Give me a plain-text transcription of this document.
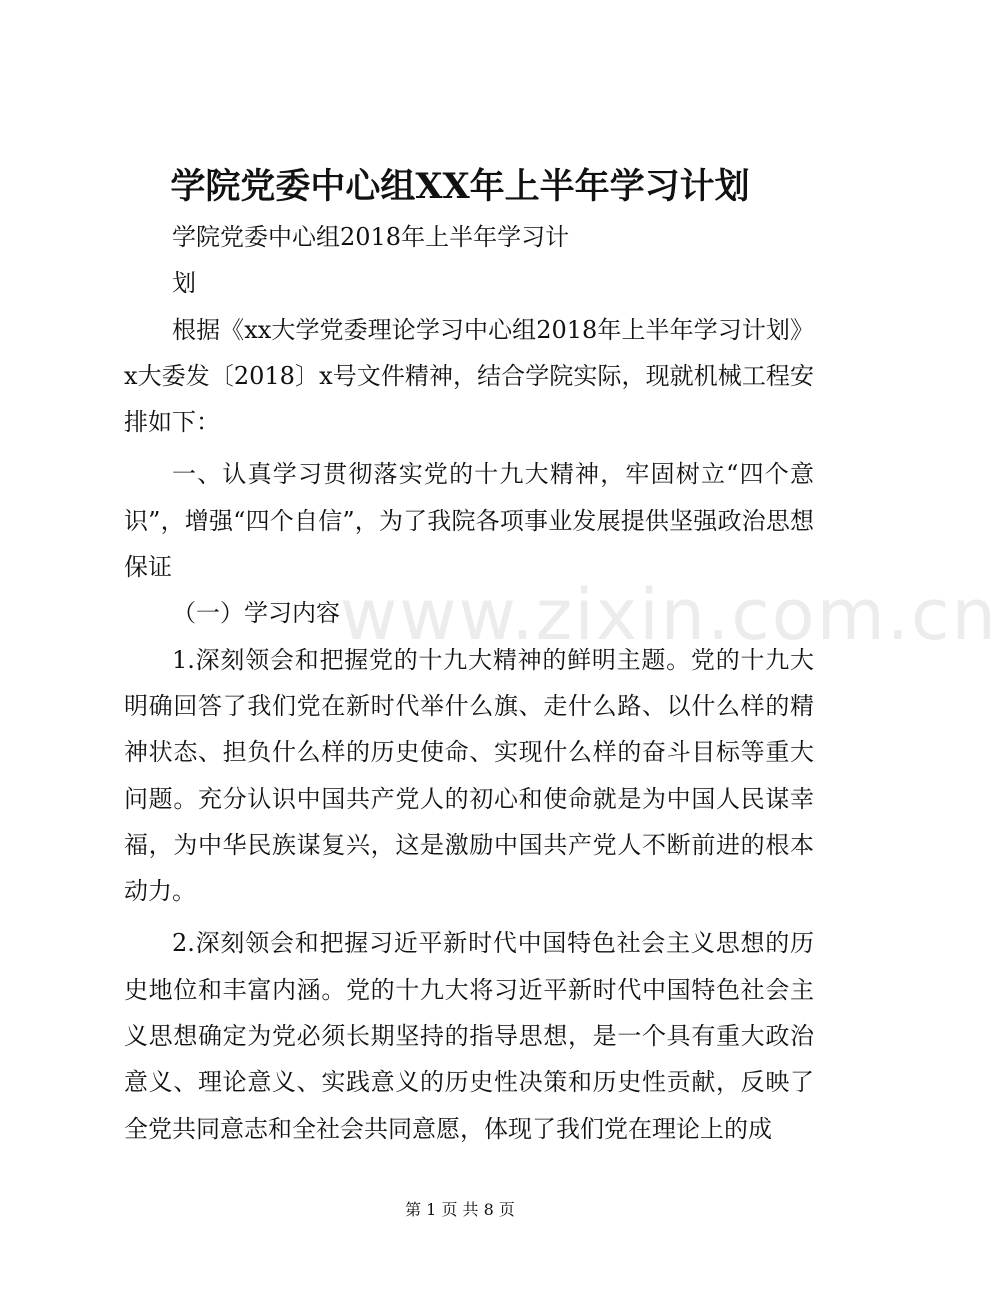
www.zixin.com.cn
学院党委中心组XX年上半年学习计划

学院党委中心组2018年上半年学习计

划

根据《xx大学党委理论学习中心组2018年上半年学习计划》x大委发〔2018〕x号文件精神，结合学院实际，现就机械工程安排如下：

一、认真学习贯彻落实党的十九大精神，牢固树立“四个意识”，增强“四个自信”，为了我院各项事业发展提供坚强政治思想保证

（一）学习内容

1.深刻领会和把握党的十九大精神的鲜明主题。党的十九大明确回答了我们党在新时代举什么旗、走什么路、以什么样的精神状态、担负什么样的历史使命、实现什么样的奋斗目标等重大问题。充分认识中国共产党人的初心和使命就是为中国人民谋幸福，为中华民族谋复兴，这是激励中国共产党人不断前进的根本动力。

2.深刻领会和把握习近平新时代中国特色社会主义思想的历史地位和丰富内涵。党的十九大将习近平新时代中国特色社会主义思想确定为党必须长期坚持的指导思想，是一个具有重大政治意义、理论意义、实践意义的历史性决策和历史性贡献，反映了全党共同意志和全社会共同意愿，体现了我们党在理论上的成

第 1 页 共 8 页
